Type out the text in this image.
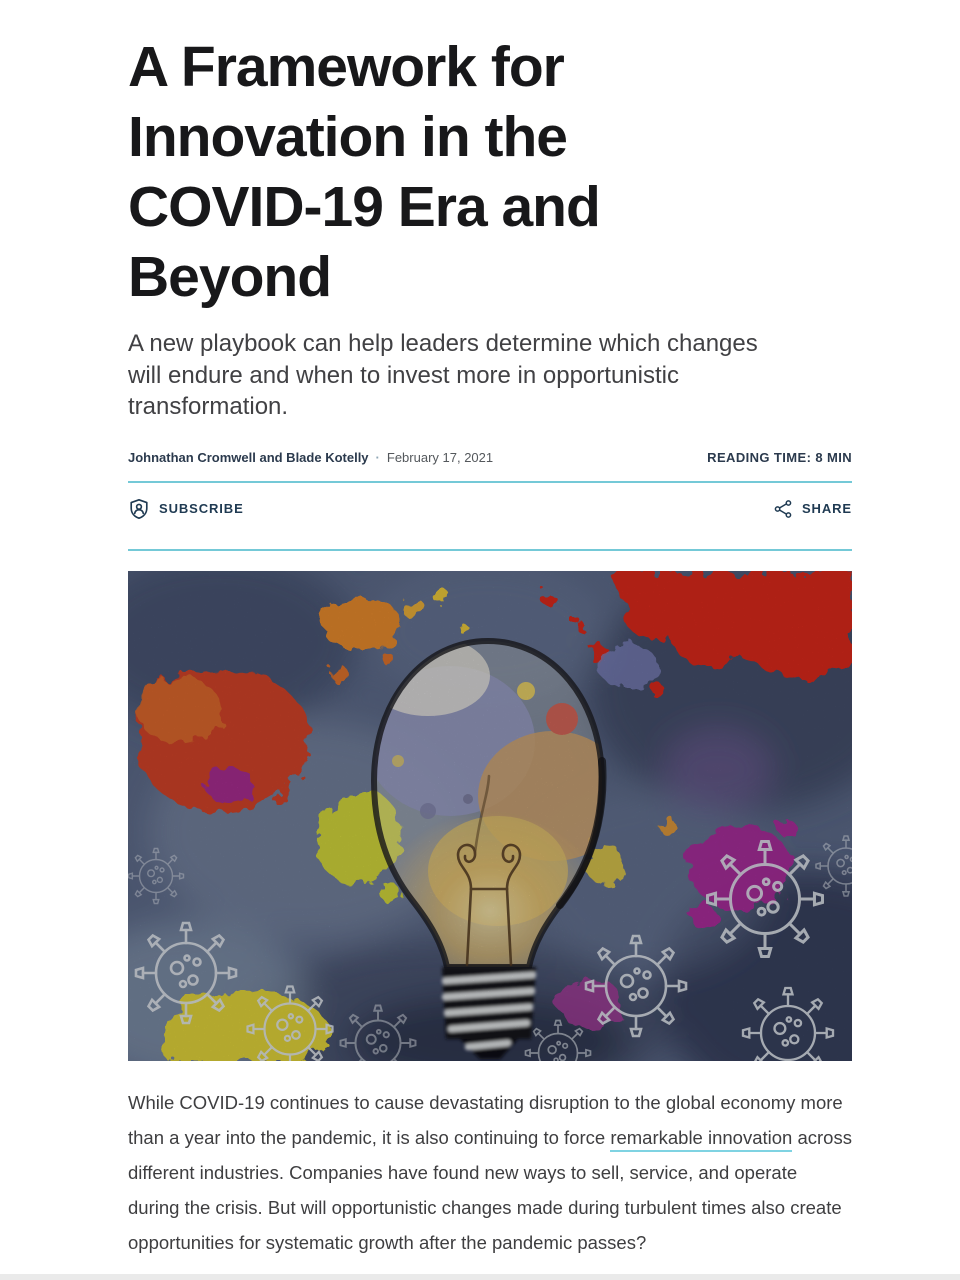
A Framework for
Innovation in the
COVID-19 Era and
Beyond

A new playbook can help leaders determine which changes will endure and when to invest more in opportunistic transformation.

Johnathan Cromwell and Blade Kotelly · February 17, 2021	READING TIME: 8 MIN
SUBSCRIBE	SHARE

While COVID-19 continues to cause devastating disruption to the global economy more than a year into the pandemic, it is also continuing to force remarkable innovation across different industries. Companies have found new ways to sell, service, and operate during the crisis. But will opportunistic changes made during turbulent times also create opportunities for systematic growth after the pandemic passes?
